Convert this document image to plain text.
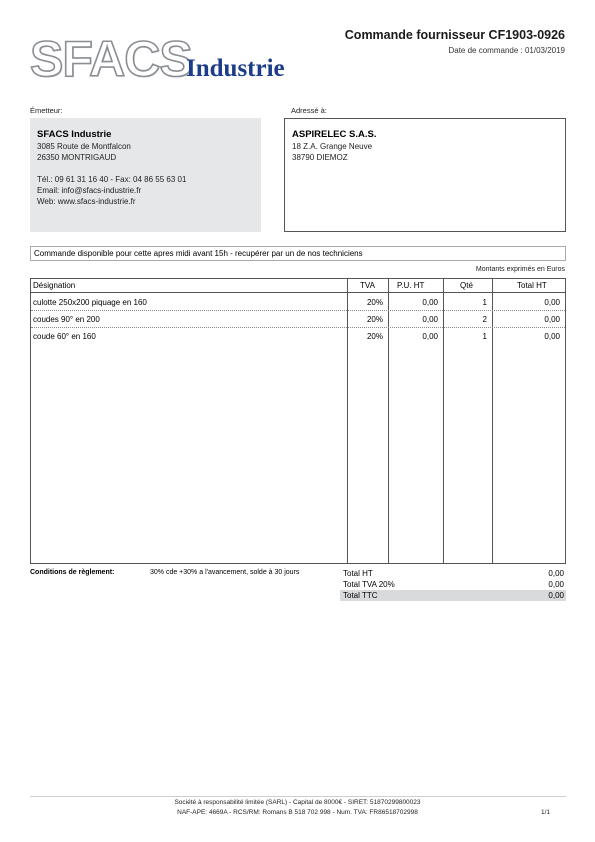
SFACS
Industrie
Commande fournisseur CF1903-0926
Date de commande : 01/03/2019
Émetteur:
SFACS Industrie
3085 Route de Montfalcon
26350 MONTRIGAUD
Tél.: 09 61 31 16 40 - Fax: 04 86 55 63 01
Email: info@sfacs-industrie.fr
Web: www.sfacs-industrie.fr
Adressé à:
ASPIRELEC S.A.S.
18 Z.A. Grange Neuve
38790 DIEMOZ
Commande disponible pour cette apres midi avant 15h - recupérer par un de nos techniciens
Montants exprimés en Euros
Désignation	TVA	P.U. HT	Qté	Total HT
culotte 250x200 piquage en 160	20%	0,00	1	0,00
coudes 90° en 200	20%	0,00	2	0,00
coude 60° en 160	20%	0,00	1	0,00
Conditions de règlement:	30% cde +30% a l'avancement, solde à 30 jours	Total HT	0,00
Total TVA 20%	0,00
Total TTC	0,00
Société à responsabilité limitée (SARL) - Capital de 8000€ - SIRET: 51870299800023
NAF-APE: 4669A - RCS/RM: Romans B 518 702 998 - Num. TVA: FR86518702998	1/1
